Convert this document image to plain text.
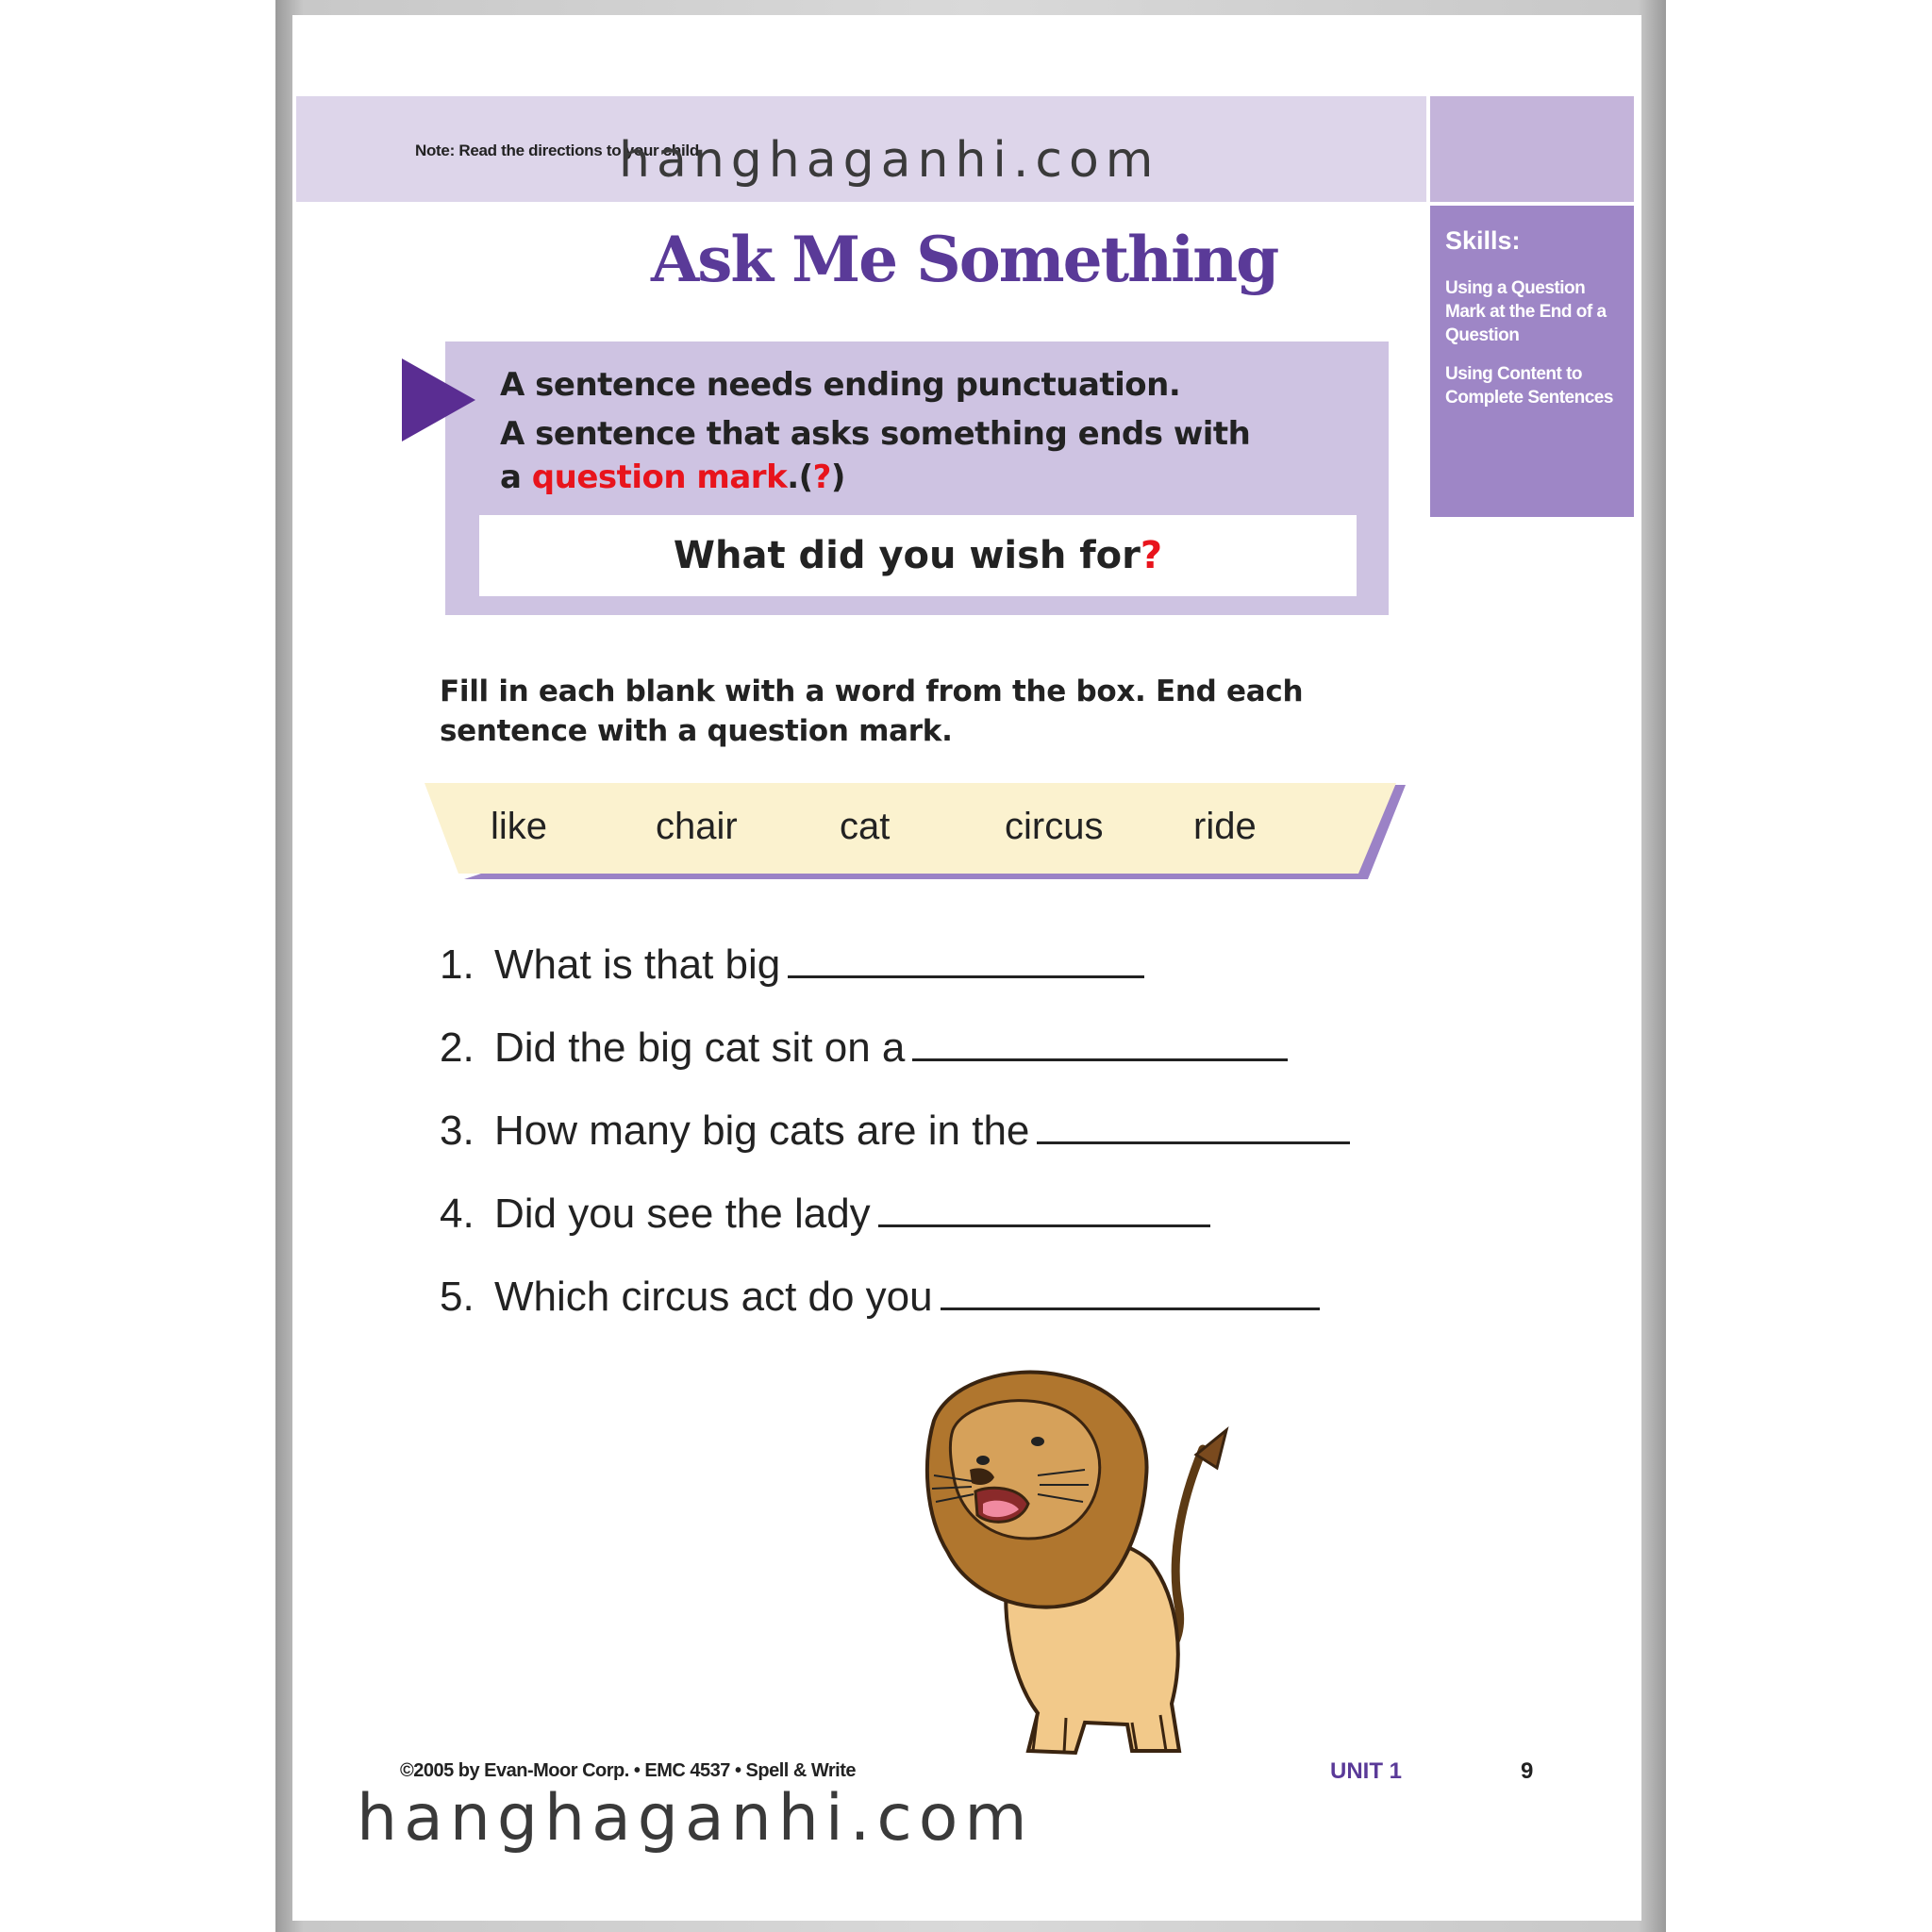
Note: Read the directions to your child.
Skills:
Using a Question Mark at the End of a Question
Using Content to Complete Sentences
Ask Me Something
A sentence needs ending punctuation.
A sentence that asks something ends with
a question mark.(?)
What did you wish for?
Fill in each blank with a word from the box. End each sentence with a question mark.
like	chair	cat	circus ride
1. What is that big
2. Did the big cat sit on a
3. How many big cats are in the
4. Did you see the lady
5. Which circus act do you
©2005 by Evan-Moor Corp. • EMC 4537 • Spell & Write	UNIT 1	9
hanghaganhi.com
hanghaganhi.com
